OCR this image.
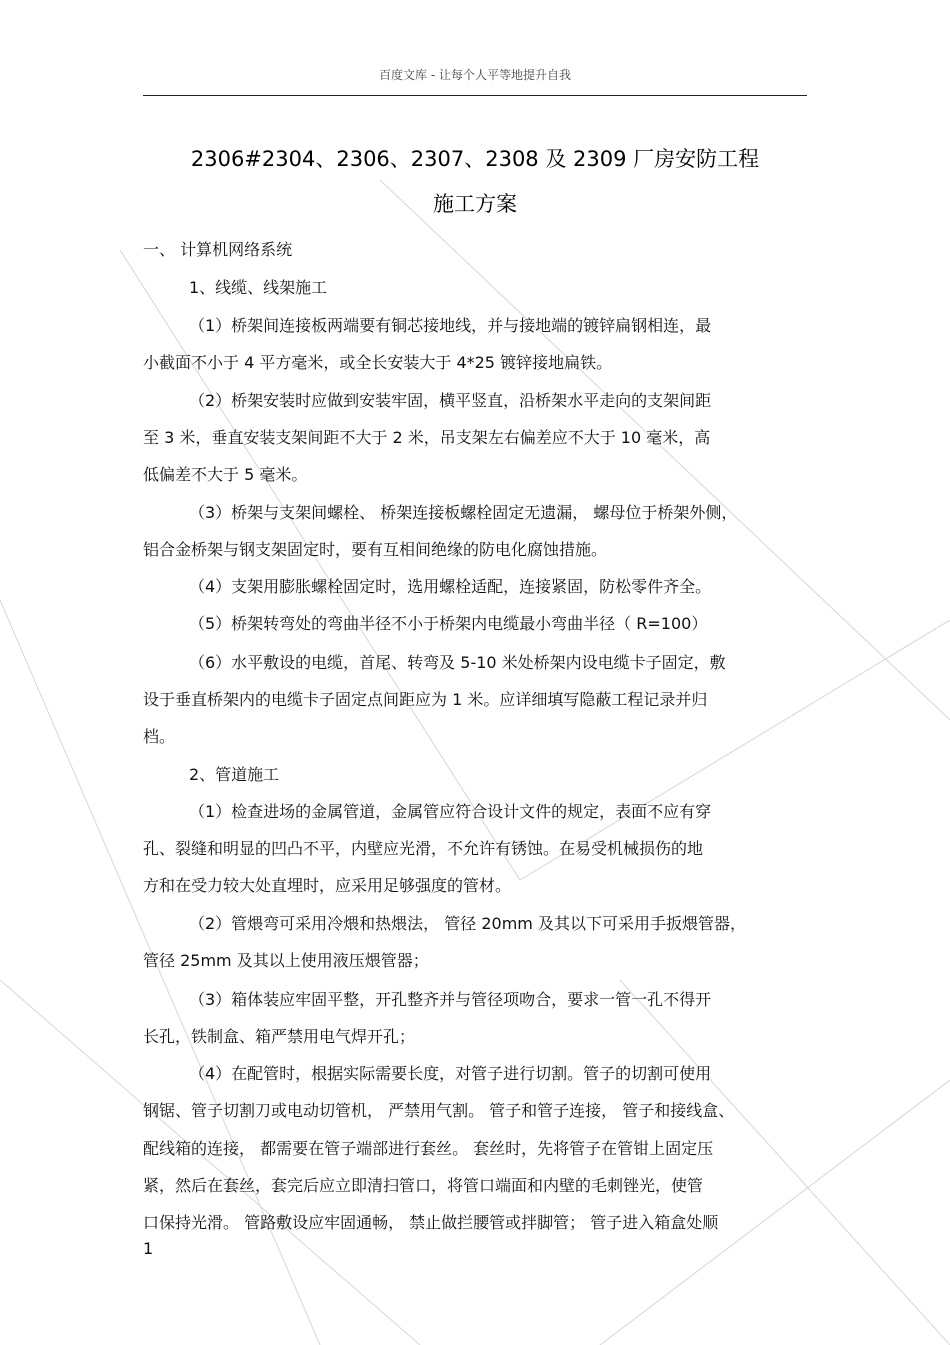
百度文库 - 让每个人平等地提升自我
2306#2304、2306、2307、2308 及 2309 厂房安防工程
施工方案
一、 计算机网络系统
1、线缆、线架施工
（1）桥架间连接板两端要有铜芯接地线，并与接地端的镀锌扁钢相连，最
小截面不小于 4 平方毫米，或全长安装大于 4*25 镀锌接地扁铁。
（2）桥架安装时应做到安装牢固，横平竖直，沿桥架水平走向的支架间距
至 3 米，垂直安装支架间距不大于 2 米，吊支架左右偏差应不大于 10 毫米，高
低偏差不大于 5 毫米。
（3）桥架与支架间螺栓、 桥架连接板螺栓固定无遗漏， 螺母位于桥架外侧，
铝合金桥架与钢支架固定时，要有互相间绝缘的防电化腐蚀措施。
（4）支架用膨胀螺栓固定时，选用螺栓适配，连接紧固，防松零件齐全。
（5）桥架转弯处的弯曲半径不小于桥架内电缆最小弯曲半径（ R=100）
（6）水平敷设的电缆，首尾、转弯及 5-10 米处桥架内设电缆卡子固定，敷
设于垂直桥架内的电缆卡子固定点间距应为 1 米。应详细填写隐蔽工程记录并归
档。
2、管道施工
（1）检查进场的金属管道，金属管应符合设计文件的规定，表面不应有穿
孔、裂缝和明显的凹凸不平，内壁应光滑，不允许有锈蚀。在易受机械损伤的地
方和在受力较大处直埋时，应采用足够强度的管材。
（2）管煨弯可采用冷煨和热煨法， 管径 20mm 及其以下可采用手扳煨管器，
管径 25mm 及其以上使用液压煨管器；
（3）箱体装应牢固平整，开孔整齐并与管径项吻合，要求一管一孔不得开
长孔，铁制盒、箱严禁用电气焊开孔；
（4）在配管时，根据实际需要长度，对管子进行切割。管子的切割可使用
钢锯、管子切割刀或电动切管机， 严禁用气割。 管子和管子连接， 管子和接线盒、
配线箱的连接， 都需要在管子端部进行套丝。 套丝时，先将管子在管钳上固定压
紧，然后在套丝，套完后应立即清扫管口，将管口端面和内壁的毛刺锉光，使管
口保持光滑。 管路敷设应牢固通畅， 禁止做拦腰管或拌脚管； 管子进入箱盒处顺
1
